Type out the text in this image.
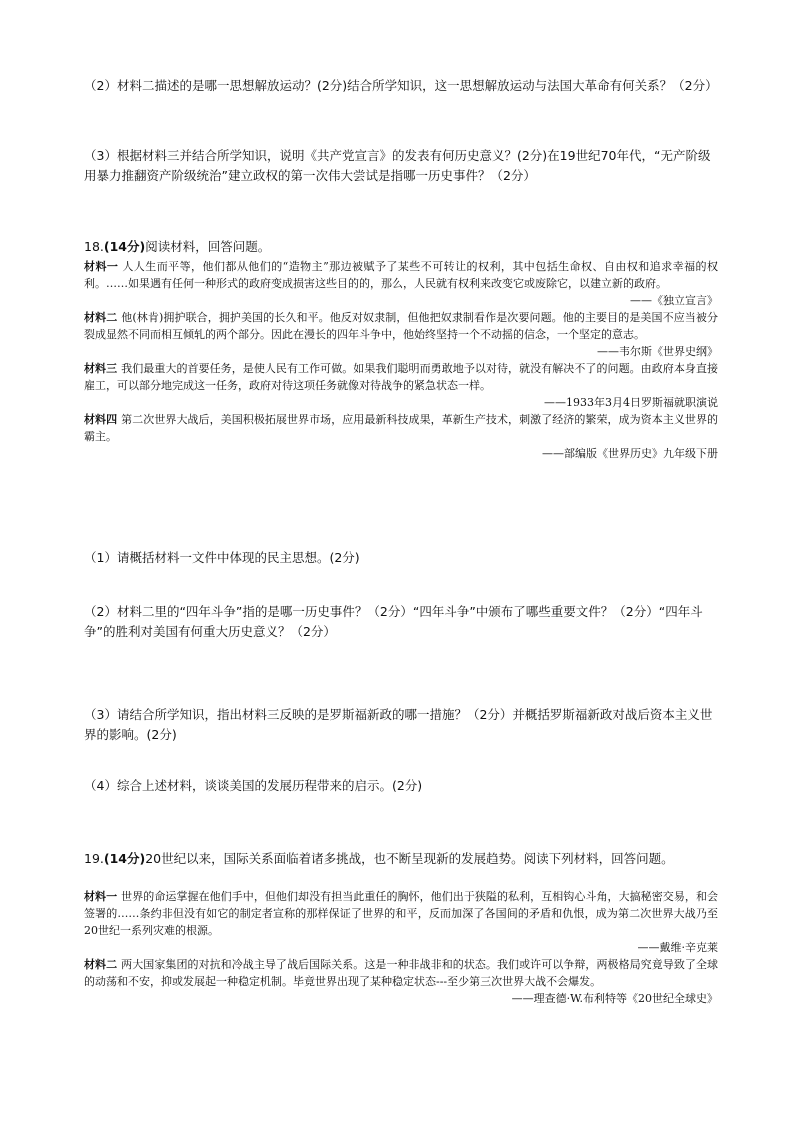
（2）材料二描述的是哪一思想解放运动？(2分)结合所学知识，这一思想解放运动与法国大革命有何关系？（2分）
（3）根据材料三并结合所学知识，说明《共产党宣言》的发表有何历史意义？(2分)在19世纪70年代，“无产阶级用暴力推翻资产阶级统治”建立政权的第一次伟大尝试是指哪一历史事件？（2分）
18.(14分)阅读材料，回答问题。
材料一 人人生而平等，他们都从他们的“造物主”那边被赋予了某些不可转让的权利，其中包括生命权、自由权和追求幸福的权利。……如果遇有任何一种形式的政府变成损害这些目的的，那么，人民就有权利来改变它或废除它，以建立新的政府。
——《独立宣言》
材料二 他(林肯)拥护联合，拥护美国的长久和平。他反对奴隶制，但他把奴隶制看作是次要问题。他的主要目的是美国不应当被分裂成显然不同而相互倾轧的两个部分。因此在漫长的四年斗争中，他始终坚持一个不动摇的信念，一个坚定的意志。
——韦尔斯《世界史纲》
材料三 我们最重大的首要任务，是使人民有工作可做。如果我们聪明而勇敢地予以对待，就没有解决不了的问题。由政府本身直接雇工，可以部分地完成这一任务，政府对待这项任务就像对待战争的紧急状态一样。
——1933年3月4日罗斯福就职演说
材料四 第二次世界大战后，美国积极拓展世界市场，应用最新科技成果，革新生产技术，刺激了经济的繁荣，成为资本主义世界的霸主。
——部编版《世界历史》九年级下册
（1）请概括材料一文件中体现的民主思想。(2分)
（2）材料二里的“四年斗争”指的是哪一历史事件？（2分）“四年斗争”中颁布了哪些重要文件？（2分）“四年斗争”的胜利对美国有何重大历史意义？（2分）
（3）请结合所学知识，指出材料三反映的是罗斯福新政的哪一措施？（2分）并概括罗斯福新政对战后资本主义世界的影响。(2分)
（4）综合上述材料，谈谈美国的发展历程带来的启示。(2分)
19.(14分)20世纪以来，国际关系面临着诸多挑战，也不断呈现新的发展趋势。阅读下列材料，回答问题。
材料一 世界的命运掌握在他们手中，但他们却没有担当此重任的胸怀，他们出于狭隘的私利，互相钩心斗角，大搞秘密交易，和会签署的……条约非但没有如它的制定者宣称的那样保证了世界的和平，反而加深了各国间的矛盾和仇恨，成为第二次世界大战乃至20世纪一系列灾难的根源。
——戴维·辛克莱
材料二 两大国家集团的对抗和冷战主导了战后国际关系。这是一种非战非和的状态。我们或许可以争辩，两极格局究竟导致了全球的动荡和不安，抑或发展起一种稳定机制。毕竟世界出现了某种稳定状态---至少第三次世界大战不会爆发。
——理查德·W.布利特等《20世纪全球史》
